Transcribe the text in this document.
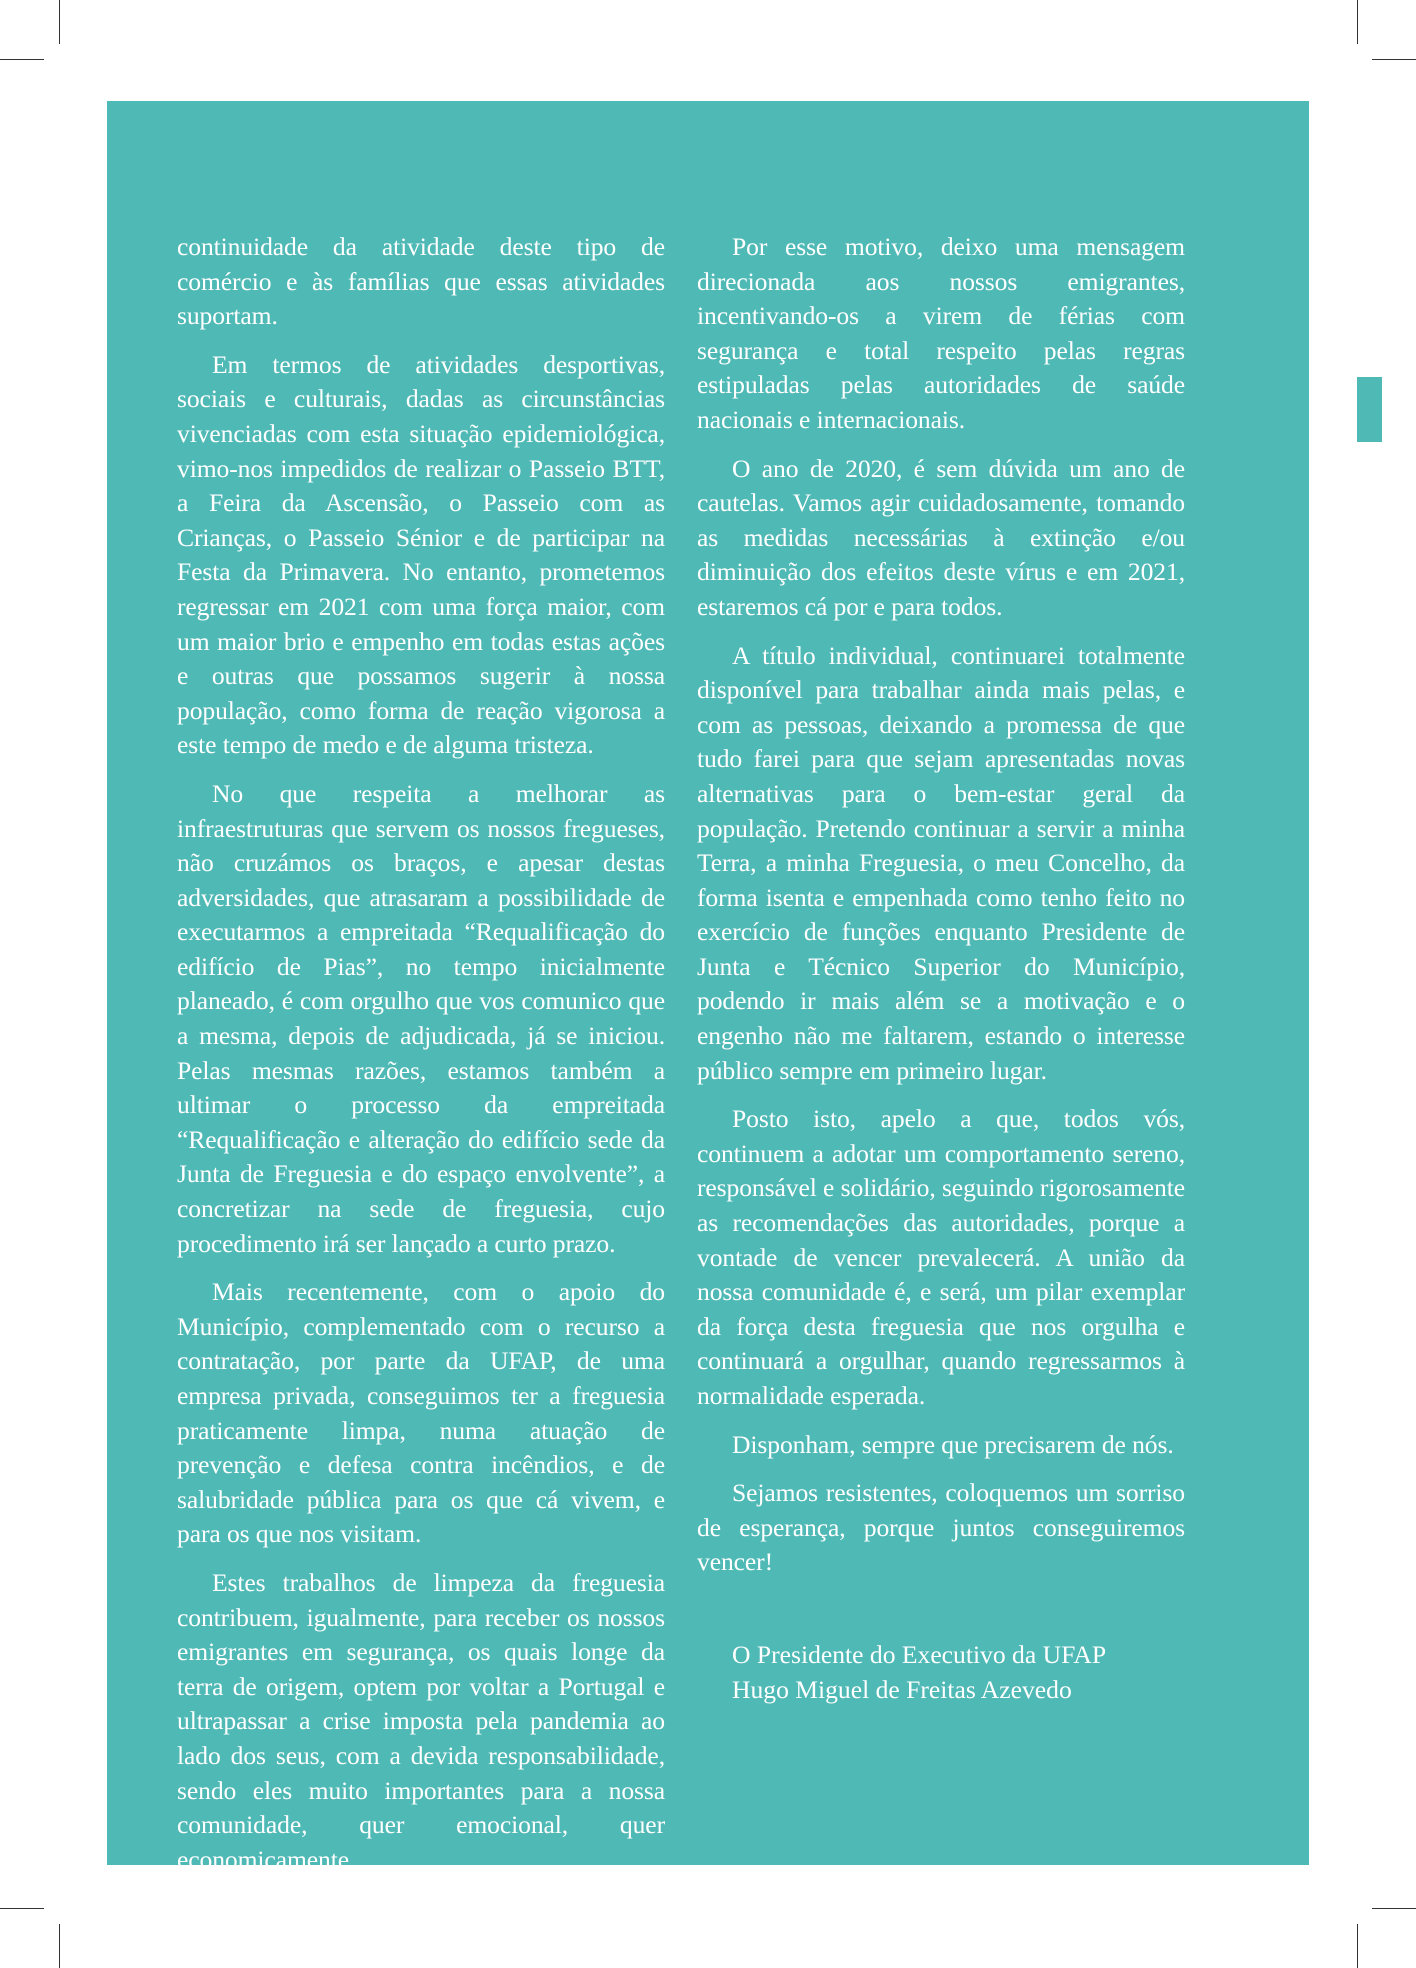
continuidade da atividade deste tipo de comércio e às famílias que essas atividades suportam.

Em termos de atividades desportivas, sociais e culturais, dadas as circunstâncias vivenciadas com esta situação epidemiológica, vimo-nos impedidos de realizar o Passeio BTT, a Feira da Ascensão, o Passeio com as Crianças, o Passeio Sénior e de participar na Festa da Primavera. No entanto, prometemos regressar em 2021 com uma força maior, com um maior brio e empenho em todas estas ações e outras que possamos sugerir à nossa população, como forma de reação vigorosa a este tempo de medo e de alguma tristeza.

No que respeita a melhorar as infraestruturas que servem os nossos fregueses, não cruzámos os braços, e apesar destas adversidades, que atrasaram a possibilidade de executarmos a empreitada “Requalificação do edifício de Pias”, no tempo inicialmente planeado, é com orgulho que vos comunico que a mesma, depois de adjudicada, já se iniciou. Pelas mesmas razões, estamos também a ultimar o processo da empreitada “Requalificação e alteração do edifício sede da Junta de Freguesia e do espaço envolvente”, a concretizar na sede de freguesia, cujo procedimento irá ser lançado a curto prazo.

Mais recentemente, com o apoio do Município, complementado com o recurso a contratação, por parte da UFAP, de uma empresa privada, conseguimos ter a freguesia praticamente limpa, numa atuação de prevenção e defesa contra incêndios, e de salubridade pública para os que cá vivem, e para os que nos visitam.

Estes trabalhos de limpeza da freguesia contribuem, igualmente, para receber os nossos emigrantes em segurança, os quais longe da terra de origem, optem por voltar a Portugal e ultrapassar a crise imposta pela pandemia ao lado dos seus, com a devida responsabilidade, sendo eles muito importantes para a nossa comunidade, quer emocional, quer economicamente.

Por esse motivo, deixo uma mensagem direcionada aos nossos emigrantes, incentivando-os a virem de férias com segurança e total respeito pelas regras estipuladas pelas autoridades de saúde nacionais e internacionais.

O ano de 2020, é sem dúvida um ano de cautelas. Vamos agir cuidadosamente, tomando as medidas necessárias à extinção e/ou diminuição dos efeitos deste vírus e em 2021, estaremos cá por e para todos.

A título individual, continuarei totalmente disponível para trabalhar ainda mais pelas, e com as pessoas, deixando a promessa de que tudo farei para que sejam apresentadas novas alternativas para o bem-estar geral da população. Pretendo continuar a servir a minha Terra, a minha Freguesia, o meu Concelho, da forma isenta e empenhada como tenho feito no exercício de funções enquanto Presidente de Junta e Técnico Superior do Município, podendo ir mais além se a motivação e o engenho não me faltarem, estando o interesse público sempre em primeiro lugar.

Posto isto, apelo a que, todos vós, continuem a adotar um comportamento sereno, responsável e solidário, seguindo rigorosamente as recomendações das autoridades, porque a vontade de vencer prevalecerá. A união da nossa comunidade é, e será, um pilar exemplar da força desta freguesia que nos orgulha e continuará a orgulhar, quando regressarmos à normalidade esperada.

Disponham, sempre que precisarem de nós.

Sejamos resistentes, coloquemos um sorriso de esperança, porque juntos conseguiremos vencer!

O Presidente do Executivo da UFAP
Hugo Miguel de Freitas Azevedo
